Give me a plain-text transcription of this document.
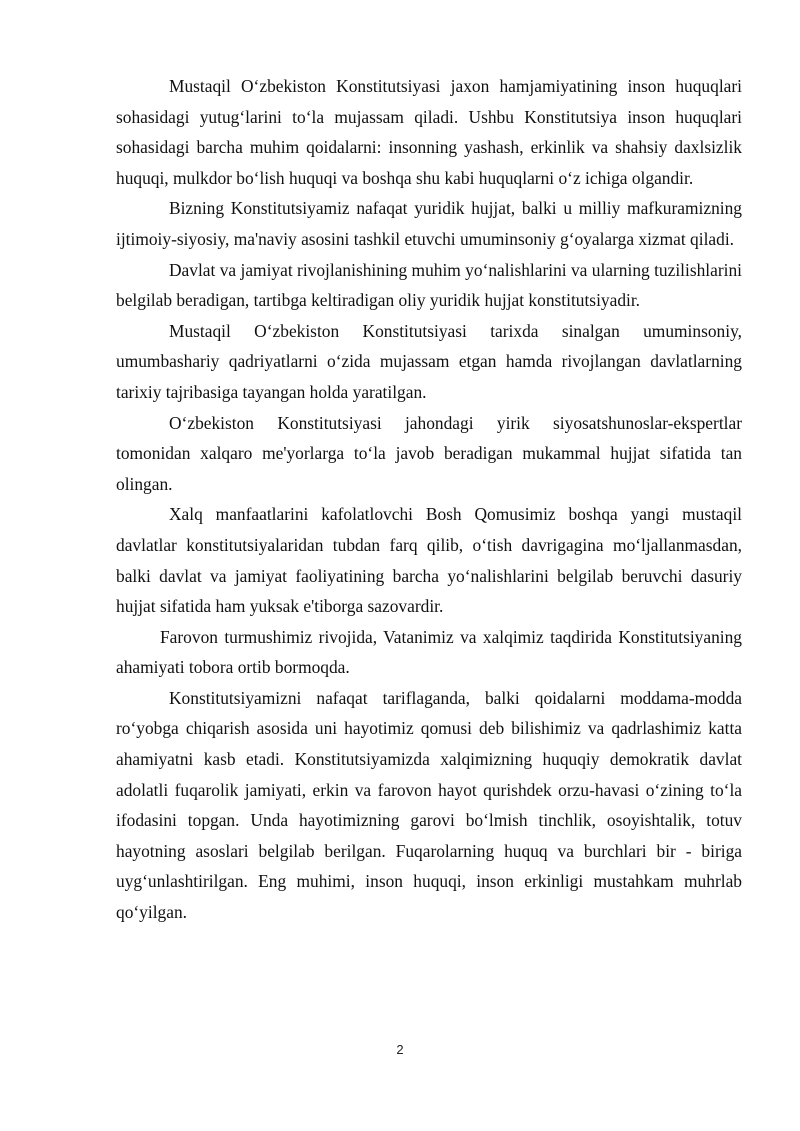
Mustaqil O‘zbekiston Konstitutsiyasi jaxon hamjamiyatining inson huquqlari sohasidagi yutug‘larini to‘la mujassam qiladi. Ushbu Konstitutsiya inson huquqlari sohasidagi barcha muhim qoidalarni: insonning yashash, erkinlik va shahsiy daxlsizlik huquqi, mulkdor bo‘lish huquqi va boshqa shu kabi huquqlarni o‘z ichiga olgandir.

Bizning Konstitutsiyamiz nafaqat yuridik hujjat, balki u milliy mafkuramizning ijtimoiy-siyosiy, ma'naviy asosini tashkil etuvchi umuminsoniy g‘oyalarga xizmat qiladi.

Davlat va jamiyat rivojlanishining muhim yo‘nalishlarini va ularning tuzilishlarini belgilab beradigan, tartibga keltiradigan oliy yuridik hujjat konstitutsiyadir.

Mustaqil O‘zbekiston Konstitutsiyasi tarixda sinalgan umuminsoniy, umumbashariy qadriyatlarni o‘zida mujassam etgan hamda rivojlangan davlatlarning tarixiy tajribasiga tayangan holda yaratilgan.

O‘zbekiston Konstitutsiyasi jahondagi yirik siyosatshunoslar-ekspertlar tomonidan xalqaro me'yorlarga to‘la javob beradigan mukammal hujjat sifatida tan olingan.

Xalq manfaatlarini kafolatlovchi Bosh Qomusimiz boshqa yangi mustaqil davlatlar konstitutsiyalaridan tubdan farq qilib, o‘tish davrigagina mo‘ljallanmasdan, balki davlat va jamiyat faoliyatining barcha yo‘nalishlarini belgilab beruvchi dasuriy hujjat sifatida ham yuksak e'tiborga sazovardir.

Farovon turmushimiz rivojida, Vatanimiz va xalqimiz taqdirida Konstitutsiyaning ahamiyati tobora ortib bormoqda.

Konstitutsiyamizni nafaqat tariflaganda, balki qoidalarni moddama-modda ro‘yobga chiqarish asosida uni hayotimiz qomusi deb bilishimiz va qadrlashimiz katta ahamiyatni kasb etadi. Konstitutsiyamizda xalqimizning huquqiy demokratik davlat adolatli fuqarolik jamiyati, erkin va farovon hayot qurishdek orzu-havasi o‘zining to‘la ifodasini topgan. Unda hayotimizning garovi bo‘lmish tinchlik, osoyishtalik, totuv hayotning asoslari belgilab berilgan. Fuqarolarning huquq va burchlari bir - biriga uyg‘unlashtirilgan. Eng muhimi, inson huquqi, inson erkinligi mustahkam muhrlab qo‘yilgan.

2
